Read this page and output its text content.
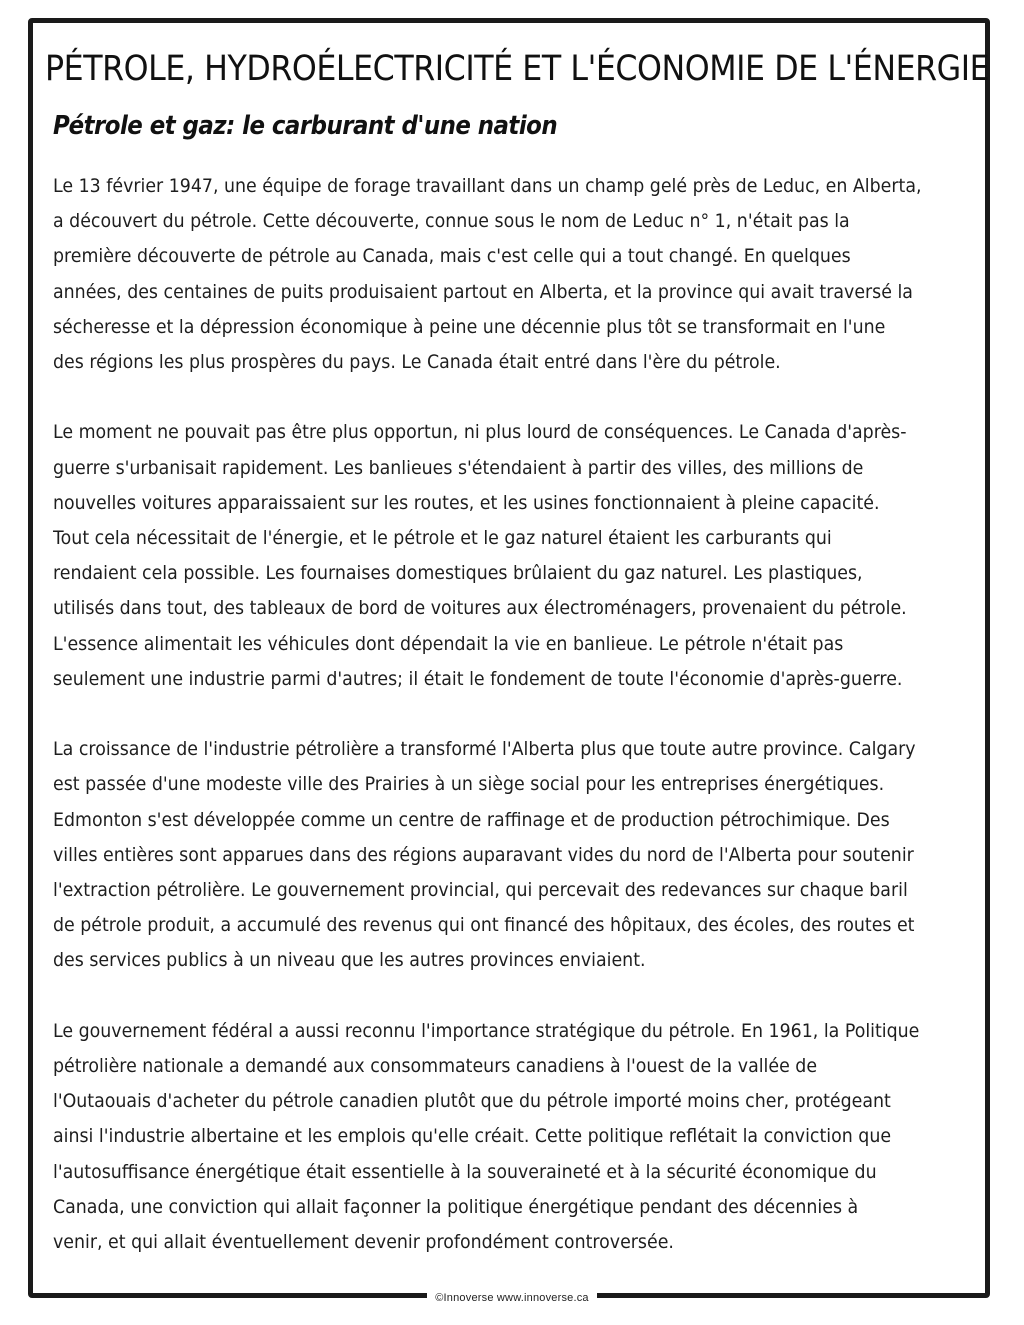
PÉTROLE, HYDROÉLECTRICITÉ ET L'ÉCONOMIE DE L'ÉNERGIE
Pétrole et gaz: le carburant d'une nation

Le 13 février 1947, une équipe de forage travaillant dans un champ gelé près de Leduc, en Alberta,
a découvert du pétrole. Cette découverte, connue sous le nom de Leduc n° 1, n'était pas la
première découverte de pétrole au Canada, mais c'est celle qui a tout changé. En quelques
années, des centaines de puits produisaient partout en Alberta, et la province qui avait traversé la
sécheresse et la dépression économique à peine une décennie plus tôt se transformait en l'une
des régions les plus prospères du pays. Le Canada était entré dans l'ère du pétrole.

Le moment ne pouvait pas être plus opportun, ni plus lourd de conséquences. Le Canada d'après-
guerre s'urbanisait rapidement. Les banlieues s'étendaient à partir des villes, des millions de
nouvelles voitures apparaissaient sur les routes, et les usines fonctionnaient à pleine capacité.
Tout cela nécessitait de l'énergie, et le pétrole et le gaz naturel étaient les carburants qui
rendaient cela possible. Les fournaises domestiques brûlaient du gaz naturel. Les plastiques,
utilisés dans tout, des tableaux de bord de voitures aux électroménagers, provenaient du pétrole.
L'essence alimentait les véhicules dont dépendait la vie en banlieue. Le pétrole n'était pas
seulement une industrie parmi d'autres; il était le fondement de toute l'économie d'après-guerre.

La croissance de l'industrie pétrolière a transformé l'Alberta plus que toute autre province. Calgary
est passée d'une modeste ville des Prairies à un siège social pour les entreprises énergétiques.
Edmonton s'est développée comme un centre de raffinage et de production pétrochimique. Des
villes entières sont apparues dans des régions auparavant vides du nord de l'Alberta pour soutenir
l'extraction pétrolière. Le gouvernement provincial, qui percevait des redevances sur chaque baril
de pétrole produit, a accumulé des revenus qui ont financé des hôpitaux, des écoles, des routes et
des services publics à un niveau que les autres provinces enviaient.

Le gouvernement fédéral a aussi reconnu l'importance stratégique du pétrole. En 1961, la Politique
pétrolière nationale a demandé aux consommateurs canadiens à l'ouest de la vallée de
l'Outaouais d'acheter du pétrole canadien plutôt que du pétrole importé moins cher, protégeant
ainsi l'industrie albertaine et les emplois qu'elle créait. Cette politique reflétait la conviction que
l'autosuffisance énergétique était essentielle à la souveraineté et à la sécurité économique du
Canada, une conviction qui allait façonner la politique énergétique pendant des décennies à
venir, et qui allait éventuellement devenir profondément controversée.

©Innoverse www.innoverse.ca
